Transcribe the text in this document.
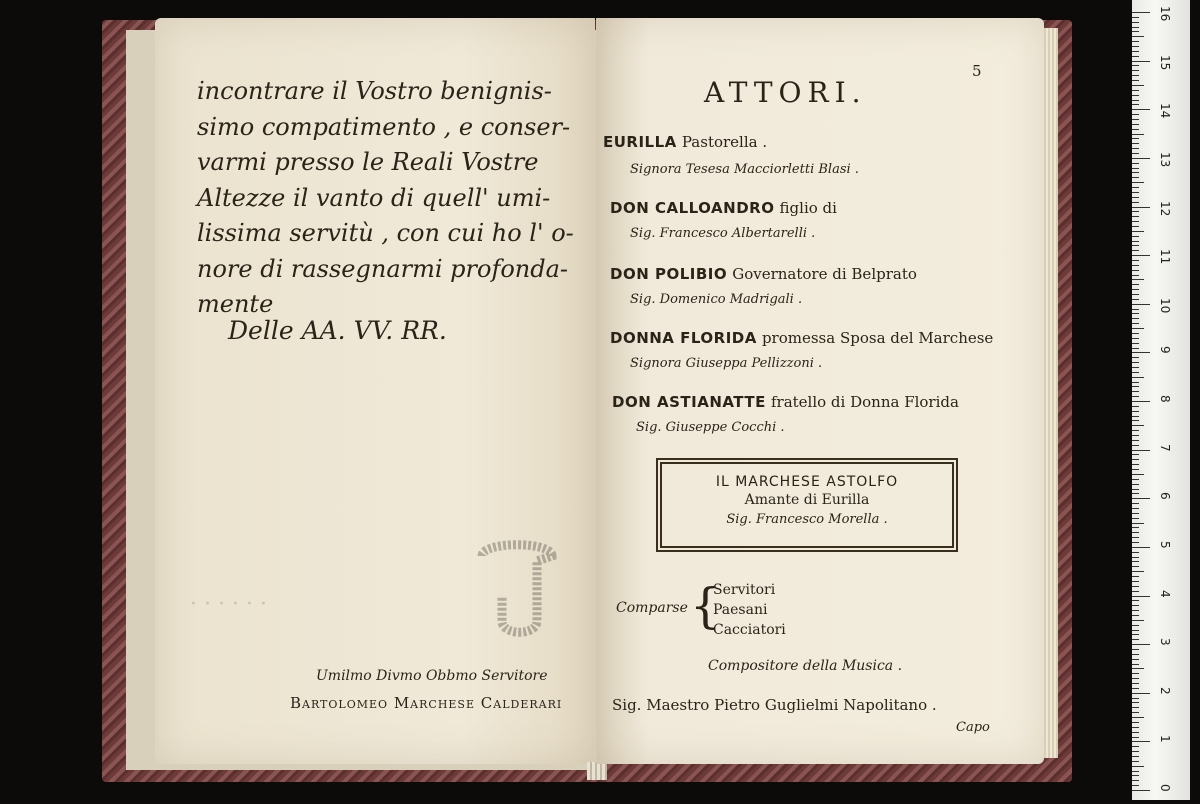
· · · · · ·

incontrare il Vostro benignis-
simo compatimento , e conser-
varmi presso le Reali Vostre
Altezze il vanto di quell' umi-
lissima servitù , con cui ho l' o-
nore di rassegnarmi profonda-
mente

Delle AA. VV. RR.

Umilmo Divmo Obbmo Servitore
Bartolomeo Marchese Calderari
5
ATTORI.
EURILLA Pastorella .
Signora Tesesa Macciorletti Blasi .
DON CALLOANDRO figlio di
Sig. Francesco Albertarelli .
DON POLIBIO Governatore di Belprato
Sig. Domenico Madrigali .
DONNA FLORIDA promessa Sposa del Marchese
Signora Giuseppa Pellizzoni .
DON ASTIANATTE fratello di Donna Florida
Sig. Giuseppe Cocchi .
IL MARCHESE ASTOLFO
Amante di Eurilla
Sig. Francesco Morella .
Comparse {
Servitori
Paesani
Cacciatori
Compositore della Musica .
Sig. Maestro Pietro Guglielmi Napolitano .
Capo
16
15
14
13
12
11
10
9
8
7
6
5
4
3
2
1
0
